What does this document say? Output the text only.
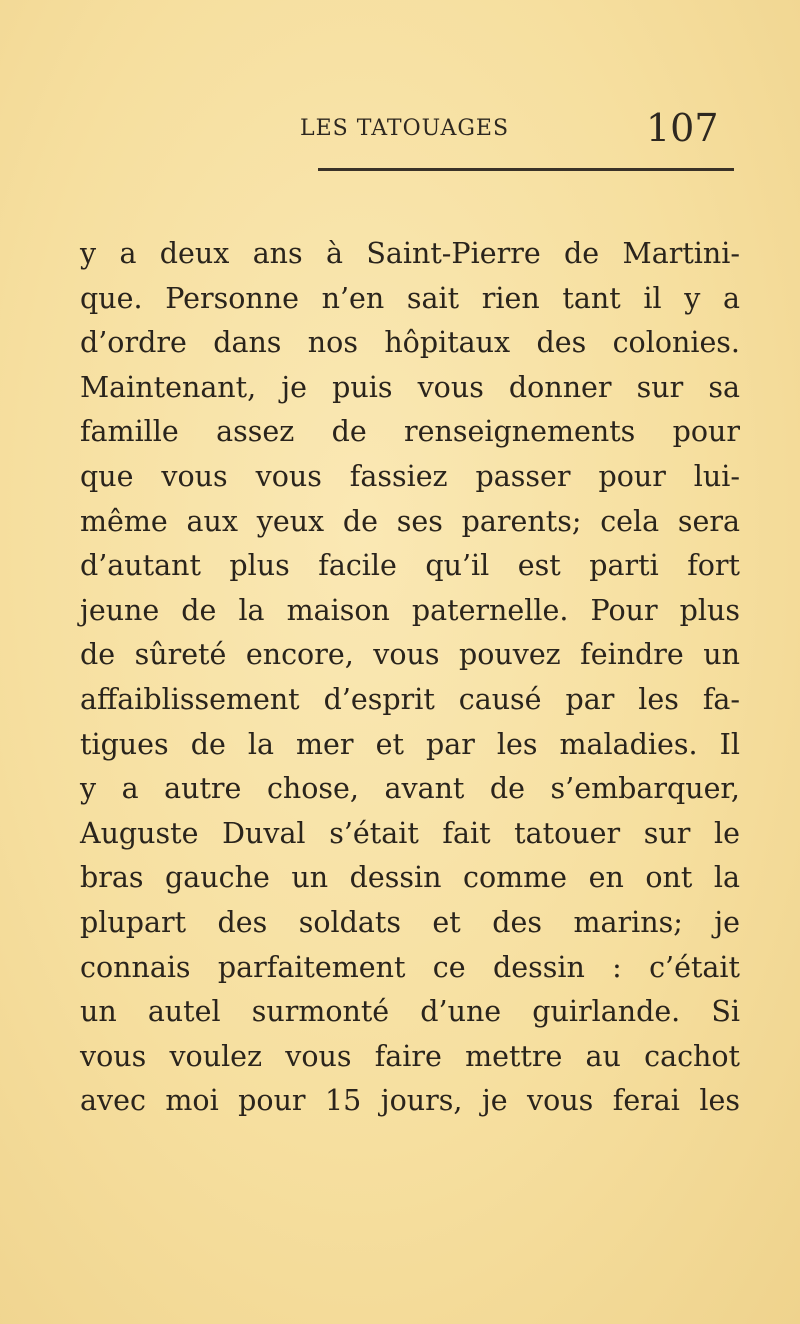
LES TATOUAGES	107
y a deux ans à Saint-Pierre de Martini-
que. Personne n’en sait rien tant il y a
d’ordre dans nos hôpitaux des colonies.
Maintenant, je puis vous donner sur sa
famille assez de renseignements pour
que vous vous fassiez passer pour lui-
même aux yeux de ses parents; cela sera
d’autant plus facile qu’il est parti fort
jeune de la maison paternelle. Pour plus
de sûreté encore, vous pouvez feindre un
affaiblissement d’esprit causé par les fa-
tigues de la mer et par les maladies. Il
y a autre chose, avant de s’embarquer,
Auguste Duval s’était fait tatouer sur le
bras gauche un dessin comme en ont la
plupart des soldats et des marins; je
connais parfaitement ce dessin : c’était
un autel surmonté d’une guirlande. Si
vous voulez vous faire mettre au cachot
avec moi pour 15 jours, je vous ferai les
